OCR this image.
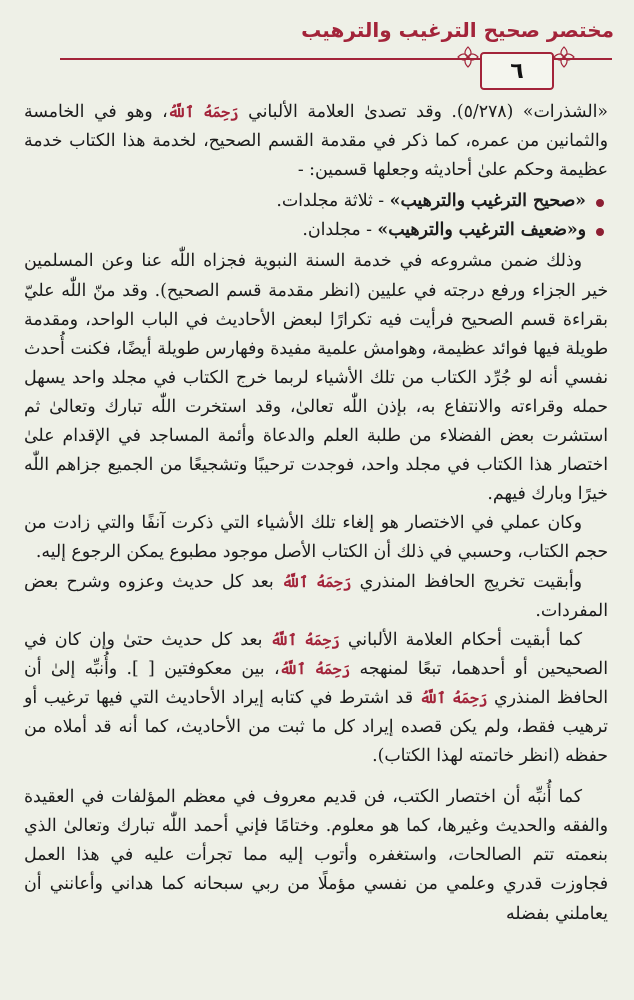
مختصر صحيح الترغيب والترهيب
٦

«الشذرات» (٥/٢٧٨). وقد تصدىٰ العلامة الألباني رَحِمَهُ ٱللَّهُ، وهو في الخامسة والثمانين من عمره، كما ذكر في مقدمة القسم الصحيح، لخدمة هذا الكتاب خدمة عظيمة وحكم علىٰ أحاديثه وجعلها قسمين: -

«صحيح الترغيب والترهيب» - ثلاثة مجلدات.
و«ضعيف الترغيب والترهيب» - مجلدان.

وذلك ضمن مشروعه في خدمة السنة النبوية فجزاه اللّٰه عنا وعن المسلمين خير الجزاء ورفع درجته في عليين (انظر مقدمة قسم الصحيح). وقد منّ اللّٰه عليّ بقراءة قسم الصحيح فرأيت فيه تكرارًا لبعض الأحاديث في الباب الواحد، ومقدمة طويلة فيها فوائد عظيمة، وهوامش علمية مفيدة وفهارس طويلة أيضًا، فكنت أُحدث نفسي أنه لو جُرِّد الكتاب من تلك الأشياء لربما خرج الكتاب في مجلد واحد يسهل حمله وقراءته والانتفاع به، بإذن اللّٰه تعالىٰ، وقد استخرت اللّٰه تبارك وتعالىٰ ثم استشرت بعض الفضلاء من طلبة العلم والدعاة وأئمة المساجد في الإقدام علىٰ اختصار هذا الكتاب في مجلد واحد، فوجدت ترحيبًا وتشجيعًا من الجميع جزاهم اللّٰه خيرًا وبارك فيهم.

وكان عملي في الاختصار هو إلغاء تلك الأشياء التي ذكرت آنفًا والتي زادت من حجم الكتاب، وحسبي في ذلك أن الكتاب الأصل موجود مطبوع يمكن الرجوع إليه.

وأبقيت تخريج الحافظ المنذري رَحِمَهُ ٱللَّهُ بعد كل حديث وعزوه وشرح بعض المفردات.

كما أبقيت أحكام العلامة الألباني رَحِمَهُ ٱللَّهُ بعد كل حديث حتىٰ وإن كان في الصحيحين أو أحدهما، تبعًا لمنهجه رَحِمَهُ ٱللَّهُ، بين معكوفتين [ ]. وأُنبِّه إلىٰ أن الحافظ المنذري رَحِمَهُ ٱللَّهُ قد اشترط في كتابه إيراد الأحاديث التي فيها ترغيب أو ترهيب فقط، ولم يكن قصده إيراد كل ما ثبت من الأحاديث، كما أنه قد أملاه من حفظه (انظر خاتمته لهذا الكتاب).

كما أُنبِّه أن اختصار الكتب، فن قديم معروف في معظم المؤلفات في العقيدة والفقه والحديث وغيرها، كما هو معلوم. وختامًا فإني أحمد اللّٰه تبارك وتعالىٰ الذي بنعمته تتم الصالحات، واستغفره وأتوب إليه مما تجرأت عليه في هذا العمل فجاوزت قدري وعلمي من نفسي مؤملًا من ربي سبحانه كما هداني وأعانني أن يعاملني بفضله
